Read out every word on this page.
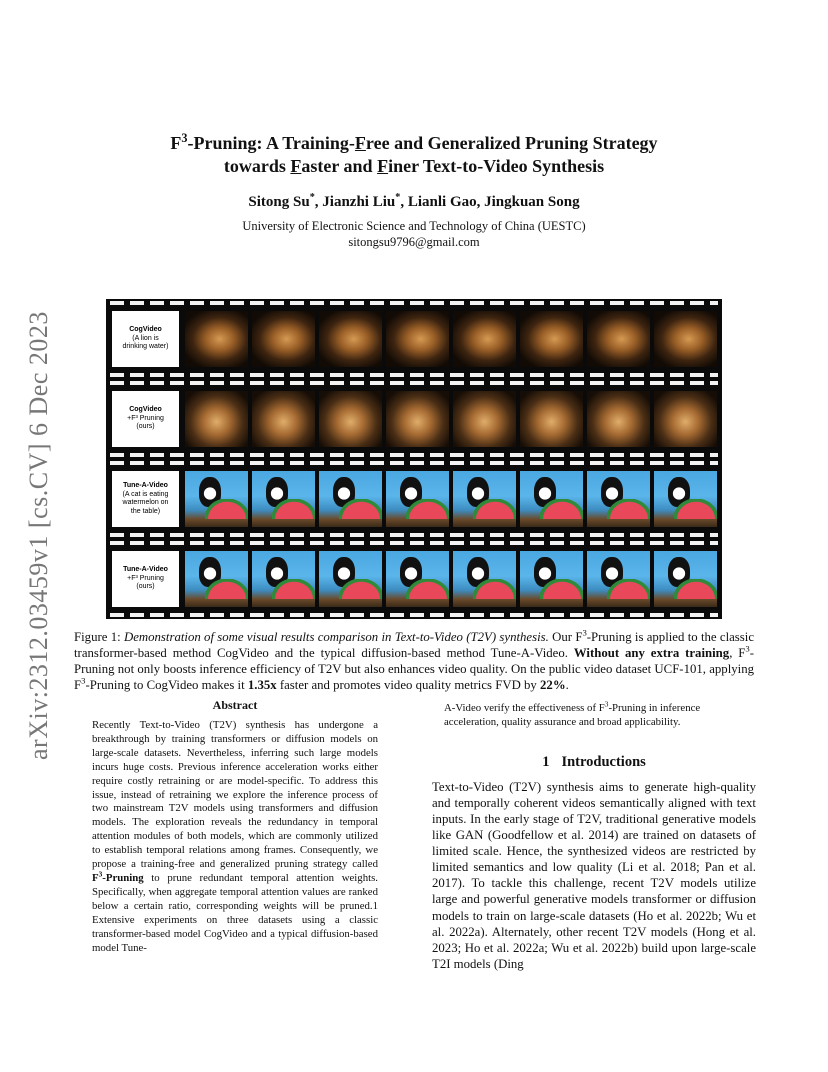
arXiv:2312.03459v1 [cs.CV] 6 Dec 2023
$F^3$-Pruning: A Training-Free and Generalized Pruning Strategy
towards Faster and Finer Text-to-Video Synthesis
Sitong Su*, Jianzhi Liu*, Lianli Gao, Jingkuan Song
University of Electronic Science and Technology of China (UESTC)
sitongsu9796@gmail.com
CogVideo
(A lion is
drinking water)
CogVideo
+F³ Pruning
(ours)
Tune-A-Video
(A cat is eating
watermelon on
the table)
Tune-A-Video
+F³ Pruning
(ours)
Figure 1: Demonstration of some visual results comparison in Text-to-Video (T2V) synthesis. Our $F^3$-Pruning is applied to the classic transformer-based method CogVideo and the typical diffusion-based method Tune-A-Video. Without any extra training, $F^3$-Pruning not only boosts inference efficiency of T2V but also enhances video quality. On the public video dataset UCF-101, applying $F^3$-Pruning to CogVideo makes it 1.35x faster and promotes video quality metrics FVD by 22%.
Abstract
Recently Text-to-Video (T2V) synthesis has undergone a breakthrough by training transformers or diffusion models on large-scale datasets. Nevertheless, inferring such large models incurs huge costs. Previous inference acceleration works either require costly retraining or are model-specific. To address this issue, instead of retraining we explore the inference process of two mainstream T2V models using transformers and diffusion models. The exploration reveals the redundancy in temporal attention modules of both models, which are commonly utilized to establish temporal relations among frames. Consequently, we propose a training-free and generalized pruning strategy called $F^3$-Pruning to prune redundant temporal attention weights. Specifically, when aggregate temporal attention values are ranked below a certain ratio, corresponding weights will be pruned.1 Extensive experiments on three datasets using a classic transformer-based model CogVideo and a typical diffusion-based model Tune-
A-Video verify the effectiveness of $F^3$-Pruning in inference acceleration, quality assurance and broad applicability.
1 Introductions
Text-to-Video (T2V) synthesis aims to generate high-quality and temporally coherent videos semantically aligned with text inputs. In the early stage of T2V, traditional generative models like GAN (Goodfellow et al. 2014) are trained on datasets of limited scale. Hence, the synthesized videos are restricted by limited semantics and low quality (Li et al. 2018; Pan et al. 2017). To tackle this challenge, recent T2V models utilize large and powerful generative models transformer or diffusion models to train on large-scale datasets (Ho et al. 2022b; Wu et al. 2022a). Alternately, other recent T2V models (Hong et al. 2023; Ho et al. 2022a; Wu et al. 2022b) build upon large-scale T2I models (Ding
